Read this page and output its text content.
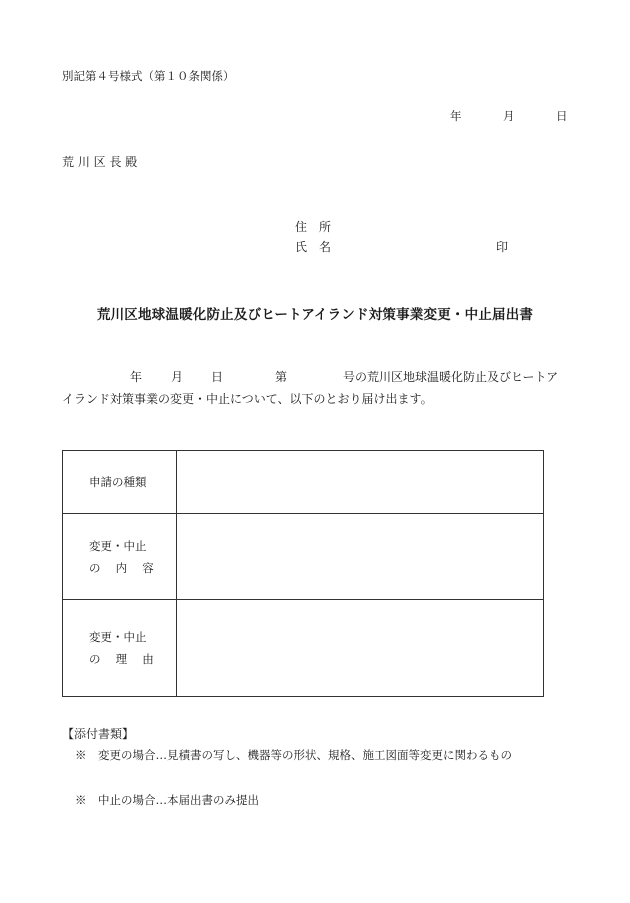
別記第４号様式（第１０条関係）
年	月	日
荒 川 区 長 殿
住　所
氏　名	印
荒川区地球温暖化防止及びヒートアイランド対策事業変更・中止届出書
年 月 日	第	号の荒川区地球温暖化防止及びヒートア
イランド対策事業の変更・中止について、以下のとおり届け出ます。
申請の種類	

変更・中止
の　 内　 容	

変更・中止
の　 理　 由	

【添付書類】
※　変更の場合…見積書の写し、機器等の形状、規格、施工図面等変更に関わるもの
※　中止の場合…本届出書のみ提出
